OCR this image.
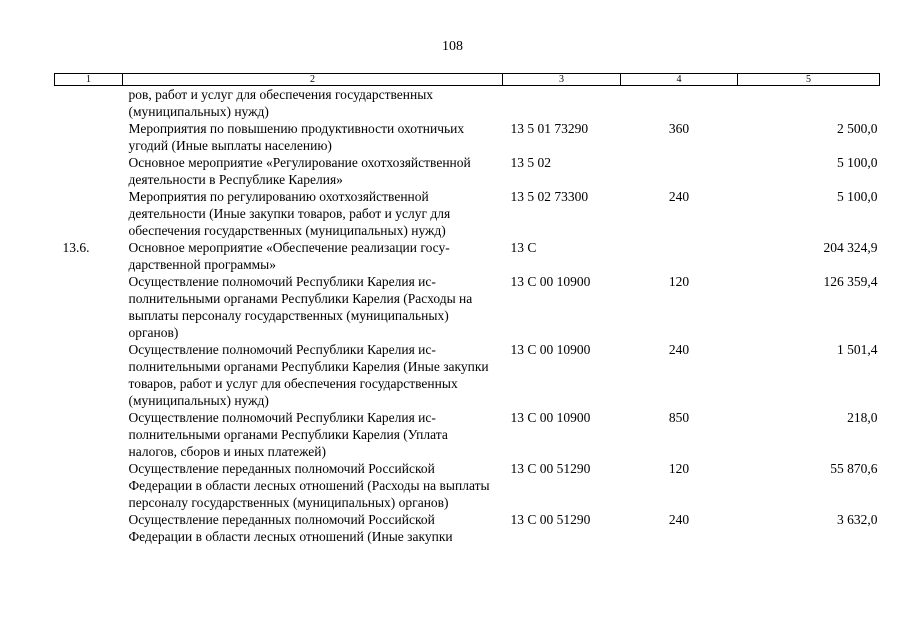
108
1	2	3	4	5
	ров, работ и услуг для обеспечения государственных (муниципальных) нужд)			
	Мероприятия по повышению продуктивности охотничьих угодий (Иные выплаты населению)	13 5 01 73290	360	2 500,0
	Основное мероприятие «Регулирование охотхозяйственной деятельности в Республике Карелия»	13 5 02		5 100,0
	Мероприятия по регулированию охотхозяйственной деятельности (Иные закупки товаров, работ и услуг для обеспечения государственных (муниципальных) нужд)	13 5 02 73300	240	5 100,0
13.6.	Основное мероприятие «Обеспечение реализации государственной программы»	13 С		204 324,9
	Осуществление полномочий Республики Карелия исполнительными органами Республики Карелия (Расходы на выплаты персоналу государственных (муниципальных) органов)	13 С 00 10900	120	126 359,4
	Осуществление полномочий Республики Карелия исполнительными органами Республики Карелия (Иные закупки товаров, работ и услуг для обеспечения государственных (муниципальных) нужд)	13 С 00 10900	240	1 501,4
	Осуществление полномочий Республики Карелия исполнительными органами Республики Карелия (Уплата налогов, сборов и иных платежей)	13 С 00 10900	850	218,0
	Осуществление переданных полномочий Российской Федерации в области лесных отношений (Расходы на выплаты персоналу государственных (муниципальных) органов)	13 С 00 51290	120	55 870,6
	Осуществление переданных полномочий Российской Федерации в области лесных отношений (Иные закупки	13 С 00 51290	240	3 632,0
